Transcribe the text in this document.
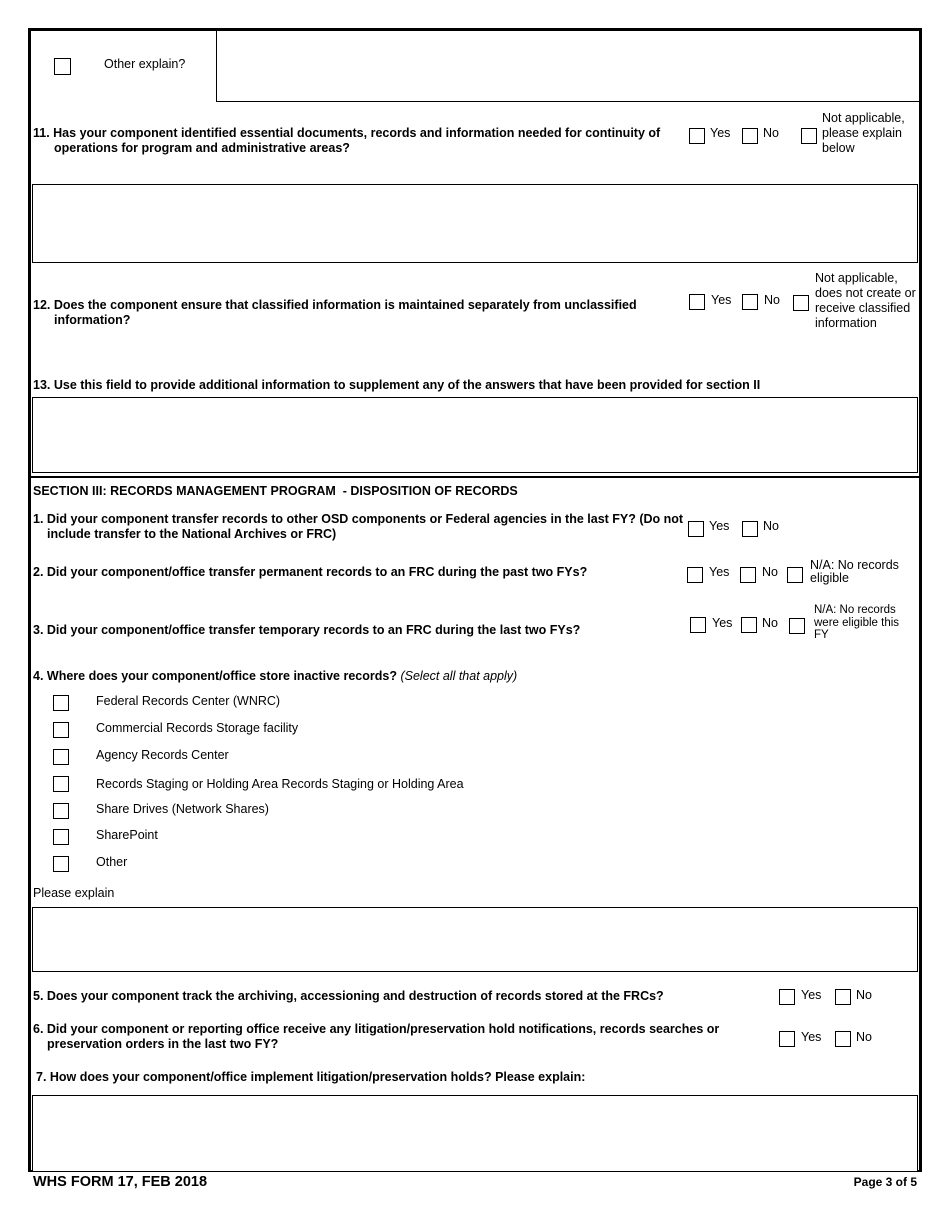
Other explain?
11. Has your component identified essential documents, records and information needed for continuity of operations for program and administrative areas?
Yes	No
Not applicable, please explain below
12. Does the component ensure that classified information is maintained separately from unclassified information?
Yes	No
Not applicable, does not create or receive classified information
13. Use this field to provide additional information to supplement any of the answers that have been provided for section II
SECTION III: RECORDS MANAGEMENT PROGRAM  - DISPOSITION OF RECORDS
1. Did your component transfer records to other OSD components or Federal agencies in the last FY? (Do not include transfer to the National Archives or FRC)
Yes	No
2. Did your component/office transfer permanent records to an FRC during the past two FYs?	Yes	No	N/A: No records eligible
3. Did your component/office transfer temporary records to an FRC during the last two FYs?	Yes No
N/A: No records were eligible this FY
4. Where does your component/office store inactive records? (Select all that apply)
Federal Records Center (WNRC)
Commercial Records Storage facility
Agency Records Center
Records Staging or Holding Area Records Staging or Holding Area
Share Drives (Network Shares)
SharePoint
Other
Please explain
5. Does your component track the archiving, accessioning and destruction of records stored at the FRCs?	Yes	No
6. Did your component or reporting office receive any litigation/preservation hold notifications, records searches or preservation orders in the last two FY?	Yes	No
7. How does your component/office implement litigation/preservation holds? Please explain:
WHS FORM 17, FEB 2018	Page 3 of 5
